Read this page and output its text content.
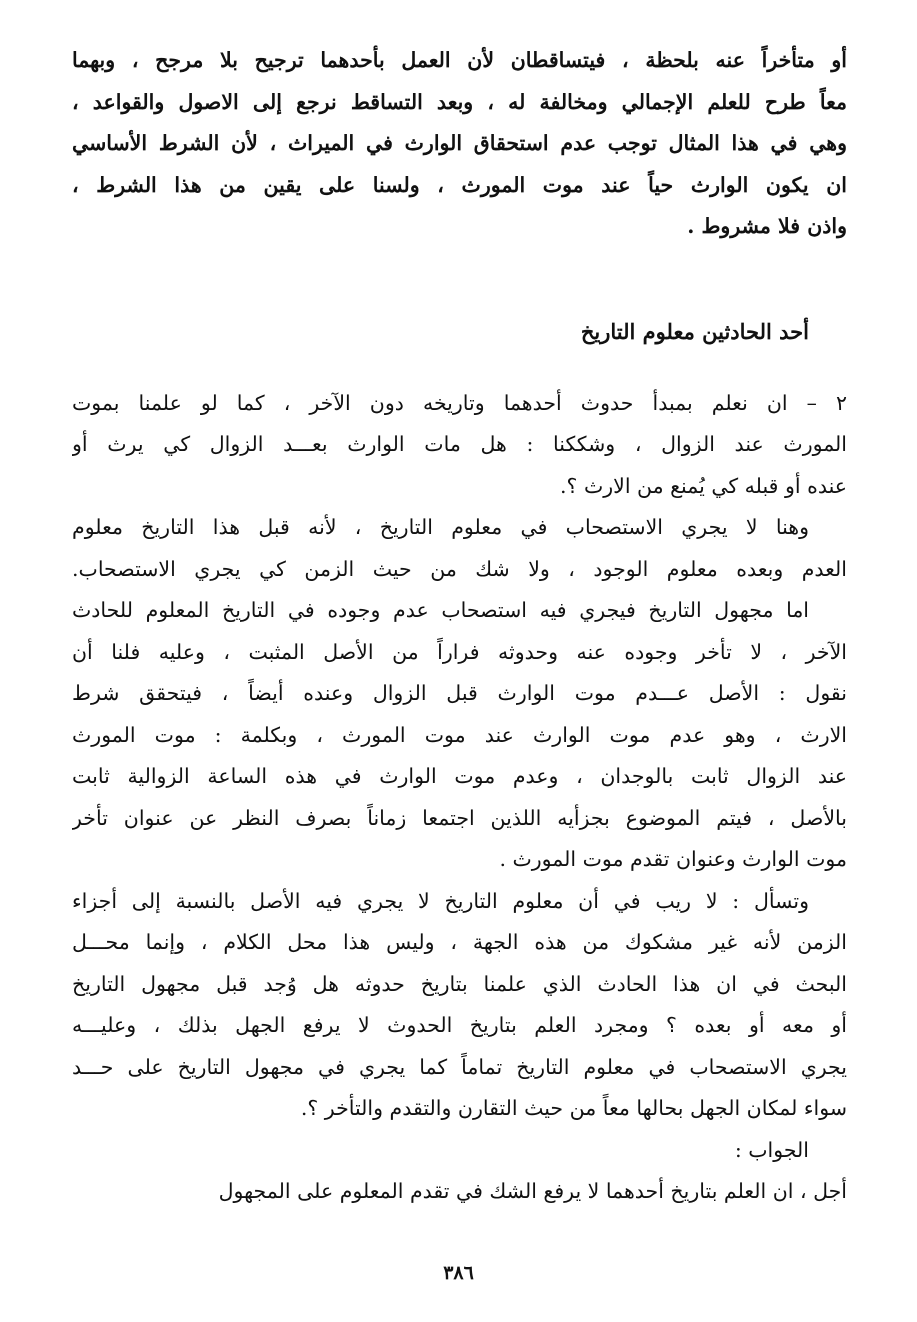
أو متأخراً عنه بلحظة ، فيتساقطان لأن العمل بأحدهما ترجيح بلا مرجح ، وبهما
معاً طرح للعلم الإجمالي ومخالفة له ، وبعد التساقط نرجع إلى الاصول والقواعد ،
وهي في هذا المثال توجب عدم استحقاق الوارث في الميراث ، لأن الشرط الأساسي
ان يكون الوارث حياً عند موت المورث ، ولسنا على يقين من هذا الشرط ،
واذن فلا مشروط .
أحد الحادثين معلوم التاريخ
٢ – ان نعلم بمبدأ حدوث أحدهما وتاريخه دون الآخر ، كما لو علمنا بموت
المورث عند الزوال ، وشككنا : هل مات الوارث بعـــد الزوال كي يرث أو
عنده أو قبله كي يُمنع من الارث ؟.
وهنا لا يجري الاستصحاب في معلوم التاريخ ، لأنه قبل هذا التاريخ معلوم
العدم وبعده معلوم الوجود ، ولا شك من حيث الزمن كي يجري الاستصحاب.
اما مجهول التاريخ فيجري فيه استصحاب عدم وجوده في التاريخ المعلوم للحادث
الآخر ، لا تأخر وجوده عنه وحدوثه فراراً من الأصل المثبت ، وعليه فلنا أن
نقول : الأصل عـــدم موت الوارث قبل الزوال وعنده أيضاً ، فيتحقق شرط
الارث ، وهو عدم موت الوارث عند موت المورث ، وبكلمة : موت المورث
عند الزوال ثابت بالوجدان ، وعدم موت الوارث في هذه الساعة الزوالية ثابت
بالأصل ، فيتم الموضوع بجزأيه اللذين اجتمعا زماناً بصرف النظر عن عنوان تأخر
موت الوارث وعنوان تقدم موت المورث .
وتسأل : لا ريب في أن معلوم التاريخ لا يجري فيه الأصل بالنسبة إلى أجزاء
الزمن لأنه غير مشكوك من هذه الجهة ، وليس هذا محل الكلام ، وإنما محـــل
البحث في ان هذا الحادث الذي علمنا بتاريخ حدوثه هل وُجد قبل مجهول التاريخ
أو معه أو بعده ؟ ومجرد العلم بتاريخ الحدوث لا يرفع الجهل بذلك ، وعليـــه
يجري الاستصحاب في معلوم التاريخ تماماً كما يجري في مجهول التاريخ على حـــد
سواء لمكان الجهل بحالها معاً من حيث التقارن والتقدم والتأخر ؟.
الجواب :
أجل ، ان العلم بتاريخ أحدهما لا يرفع الشك في تقدم المعلوم على المجهول
٣٨٦
